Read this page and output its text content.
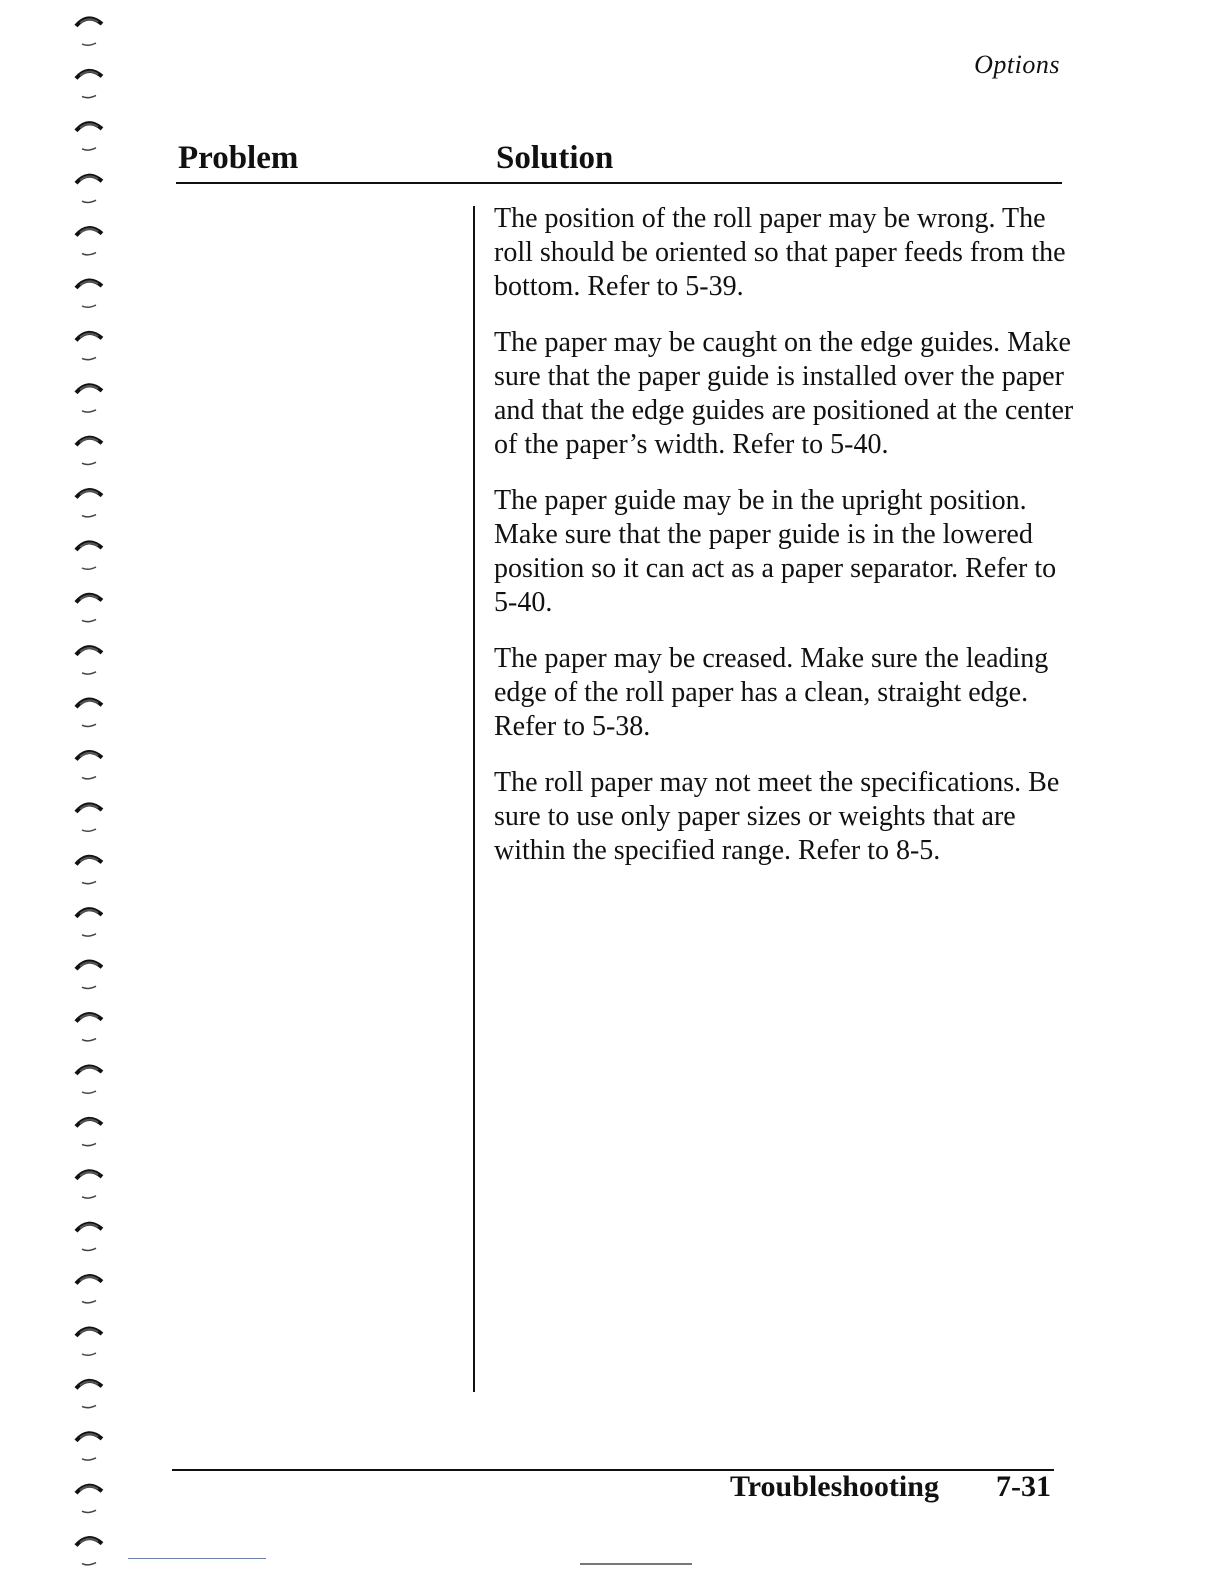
Options
Problem	Solution

The position of the roll paper may be wrong. The roll should be oriented so that paper feeds from the bottom. Refer to 5-39.

The paper may be caught on the edge guides. Make sure that the paper guide is installed over the paper and that the edge guides are positioned at the center of the paper’s width. Refer to 5-40.

The paper guide may be in the upright position. Make sure that the paper guide is in the lowered position so it can act as a paper separator. Refer to 5-40.

The paper may be creased. Make sure the leading edge of the roll paper has a clean, straight edge. Refer to 5-38.

The roll paper may not meet the specifications. Be sure to use only paper sizes or weights that are within the specified range. Refer to 8-5.

Troubleshooting 7-31
